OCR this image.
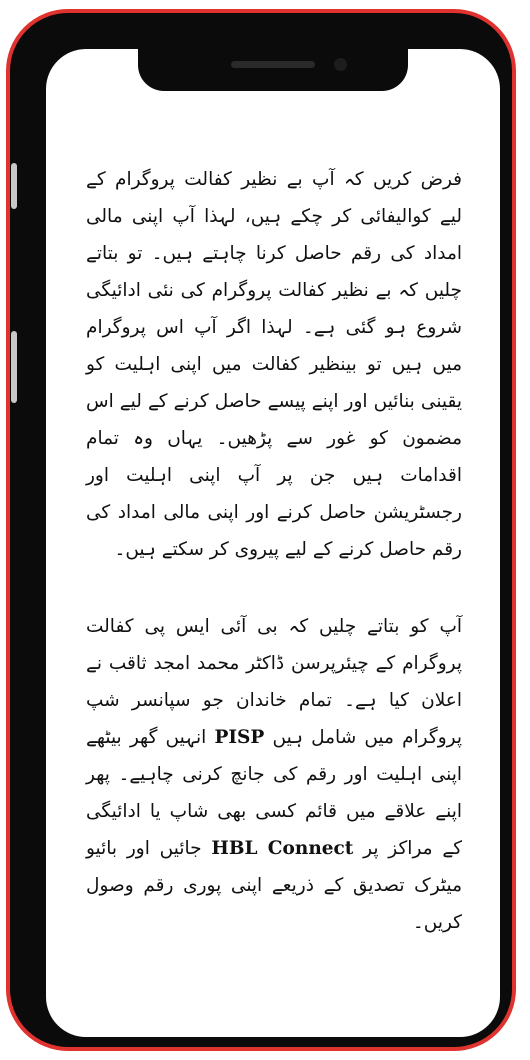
فرض کریں کہ آپ بے نظیر کفالت پروگرام کے لیے کوالیفائی کر چکے ہیں، لہذا آپ اپنی مالی امداد کی رقم حاصل کرنا چاہتے ہیں۔ تو بتاتے چلیں کہ بے نظیر کفالت پروگرام کی نئی ادائیگی شروع ہو گئی ہے۔ لہذا اگر آپ اس پروگرام میں ہیں تو بینظیر کفالت میں اپنی اہلیت کو یقینی بنائیں اور اپنے پیسے حاصل کرنے کے لیے اس مضمون کو غور سے پڑھیں۔ یہاں وہ تمام اقدامات ہیں جن پر آپ اپنی اہلیت اور رجسٹریشن حاصل کرنے اور اپنی مالی امداد کی رقم حاصل کرنے کے لیے پیروی کر سکتے ہیں۔

آپ کو بتاتے چلیں کہ بی آئی ایس پی کفالت پروگرام کے چیئرپرسن ڈاکٹر محمد امجد ثاقب نے اعلان کیا ہے۔ تمام خاندان جو سپانسر شپ پروگرام میں شامل ہیں PISP انہیں گھر بیٹھے اپنی اہلیت اور رقم کی جانچ کرنی چاہیے۔ پھر اپنے علاقے میں قائم کسی بھی شاپ یا ادائیگی کے مراکز پر HBL Connect جائیں اور بائیو میٹرک تصدیق کے ذریعے اپنی پوری رقم وصول کریں۔
